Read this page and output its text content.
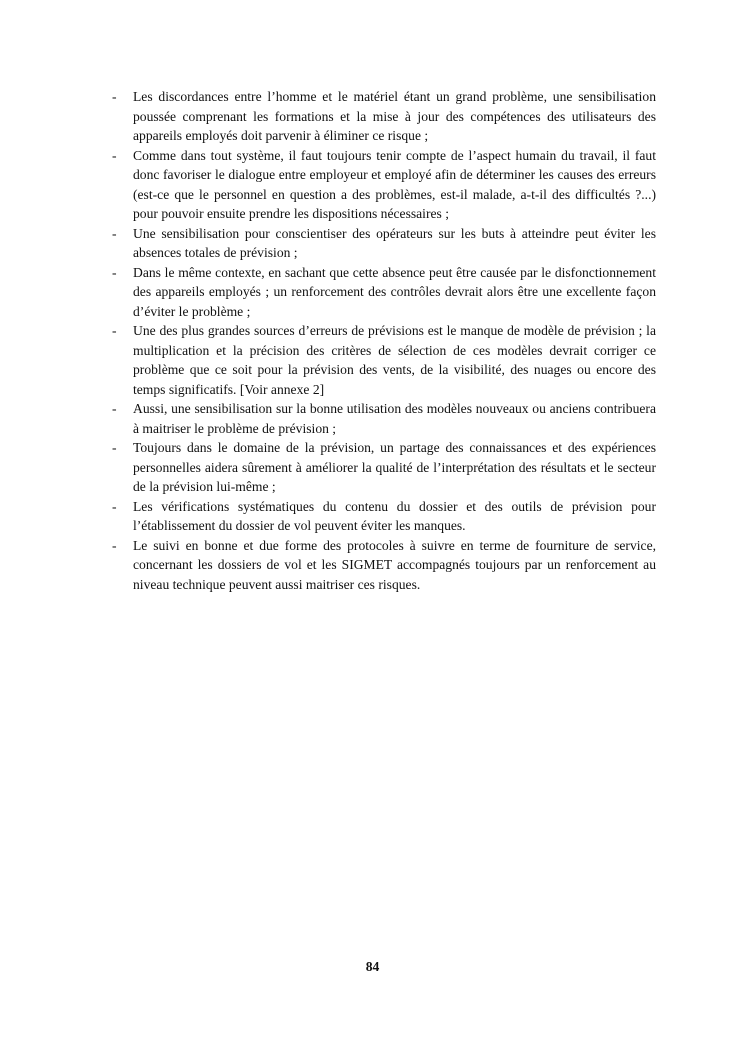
- Les discordances entre l’homme et le matériel étant un grand problème, une sensibilisation poussée comprenant les formations et la mise à jour des compétences des utilisateurs des appareils employés doit parvenir à éliminer ce risque ;
- Comme dans tout système, il faut toujours tenir compte de l’aspect humain du travail, il faut donc favoriser le dialogue entre employeur et employé afin de déterminer les causes des erreurs (est-ce que le personnel en question a des problèmes, est-il malade, a-t-il des difficultés ?...) pour pouvoir ensuite prendre les dispositions nécessaires ;
- Une sensibilisation pour conscientiser des opérateurs sur les buts à atteindre peut éviter les absences totales de prévision ;
- Dans le même contexte, en sachant que cette absence peut être causée par le disfonctionnement des appareils employés ; un renforcement des contrôles devrait alors être une excellente façon d’éviter le problème ;
- Une des plus grandes sources d’erreurs de prévisions est le manque de modèle de prévision ; la multiplication et la précision des critères de sélection de ces modèles devrait corriger ce problème que ce soit pour la prévision des vents, de la visibilité, des nuages ou encore des temps significatifs. [Voir annexe 2]
- Aussi, une sensibilisation sur la bonne utilisation des modèles nouveaux ou anciens contribuera à maitriser le problème de prévision ;
- Toujours dans le domaine de la prévision, un partage des connaissances et des expériences personnelles aidera sûrement à améliorer la qualité de l’interprétation des résultats et le secteur de la prévision lui-même ;
- Les vérifications systématiques du contenu du dossier et des outils de prévision pour l’établissement du dossier de vol peuvent éviter les manques.
- Le suivi en bonne et due forme des protocoles à suivre en terme de fourniture de service, concernant les dossiers de vol et les SIGMET accompagnés toujours par un renforcement au niveau technique peuvent aussi maitriser ces risques.
84
